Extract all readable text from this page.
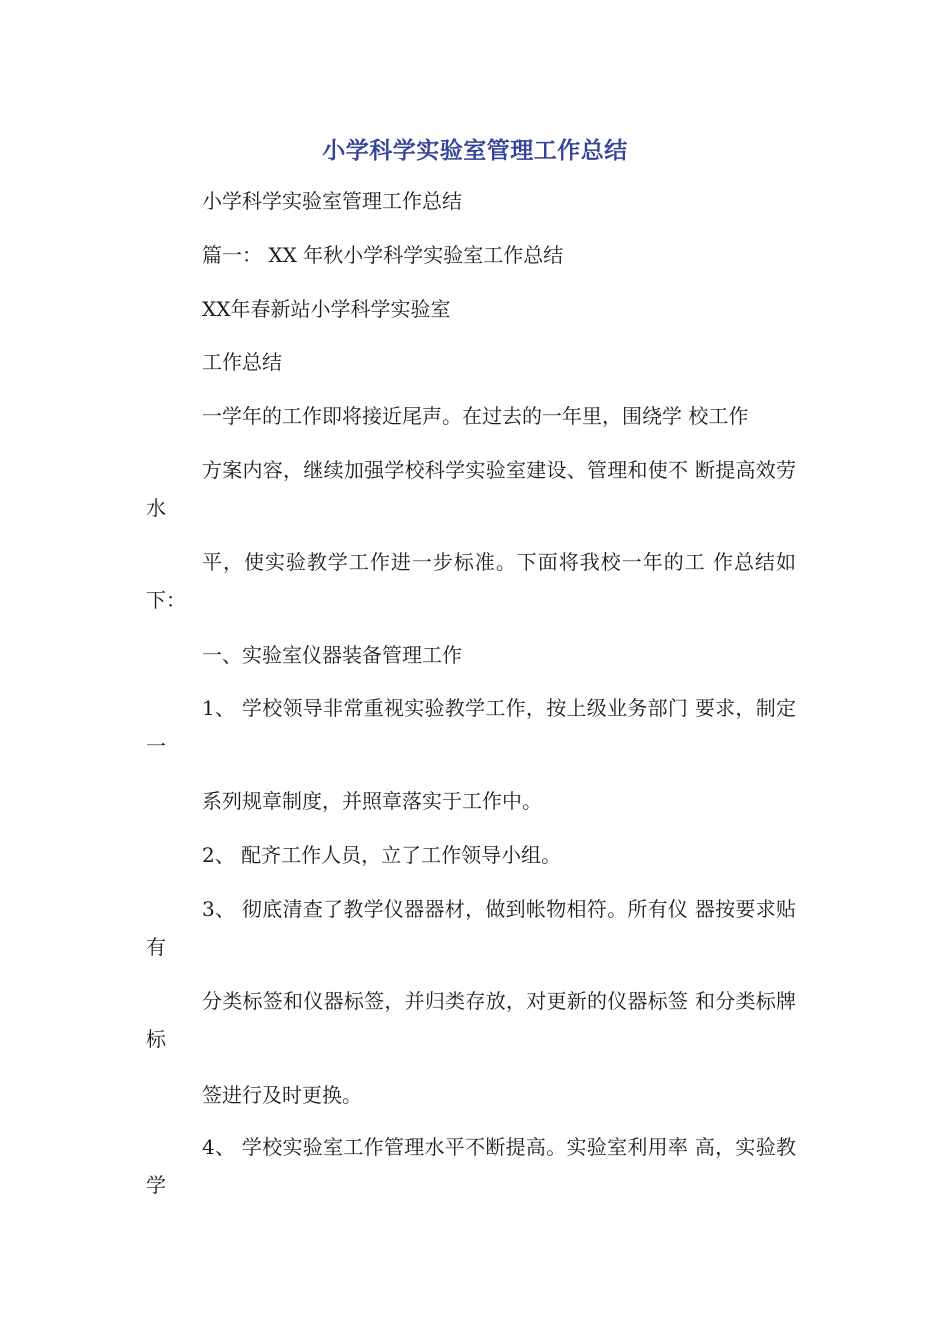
小学科学实验室管理工作总结
小学科学实验室管理工作总结
篇一： XX 年秋小学科学实验室工作总结
XX年春新站小学科学实验室
工作总结
一学年的工作即将接近尾声。在过去的一年里，围绕学 校工作
方案内容，继续加强学校科学实验室建设、管理和使不 断提高效劳水
平，使实验教学工作进一步标准。下面将我校一年的工 作总结如下：
一、实验室仪器装备管理工作
1、 学校领导非常重视实验教学工作，按上级业务部门 要求，制定一
系列规章制度，并照章落实于工作中。
2、 配齐工作人员，立了工作领导小组。
3、 彻底清查了教学仪器器材，做到帐物相符。所有仪 器按要求贴有
分类标签和仪器标签，并归类存放，对更新的仪器标签 和分类标牌标
签进行及时更换。
4、 学校实验室工作管理水平不断提高。实验室利用率 高，实验教学
